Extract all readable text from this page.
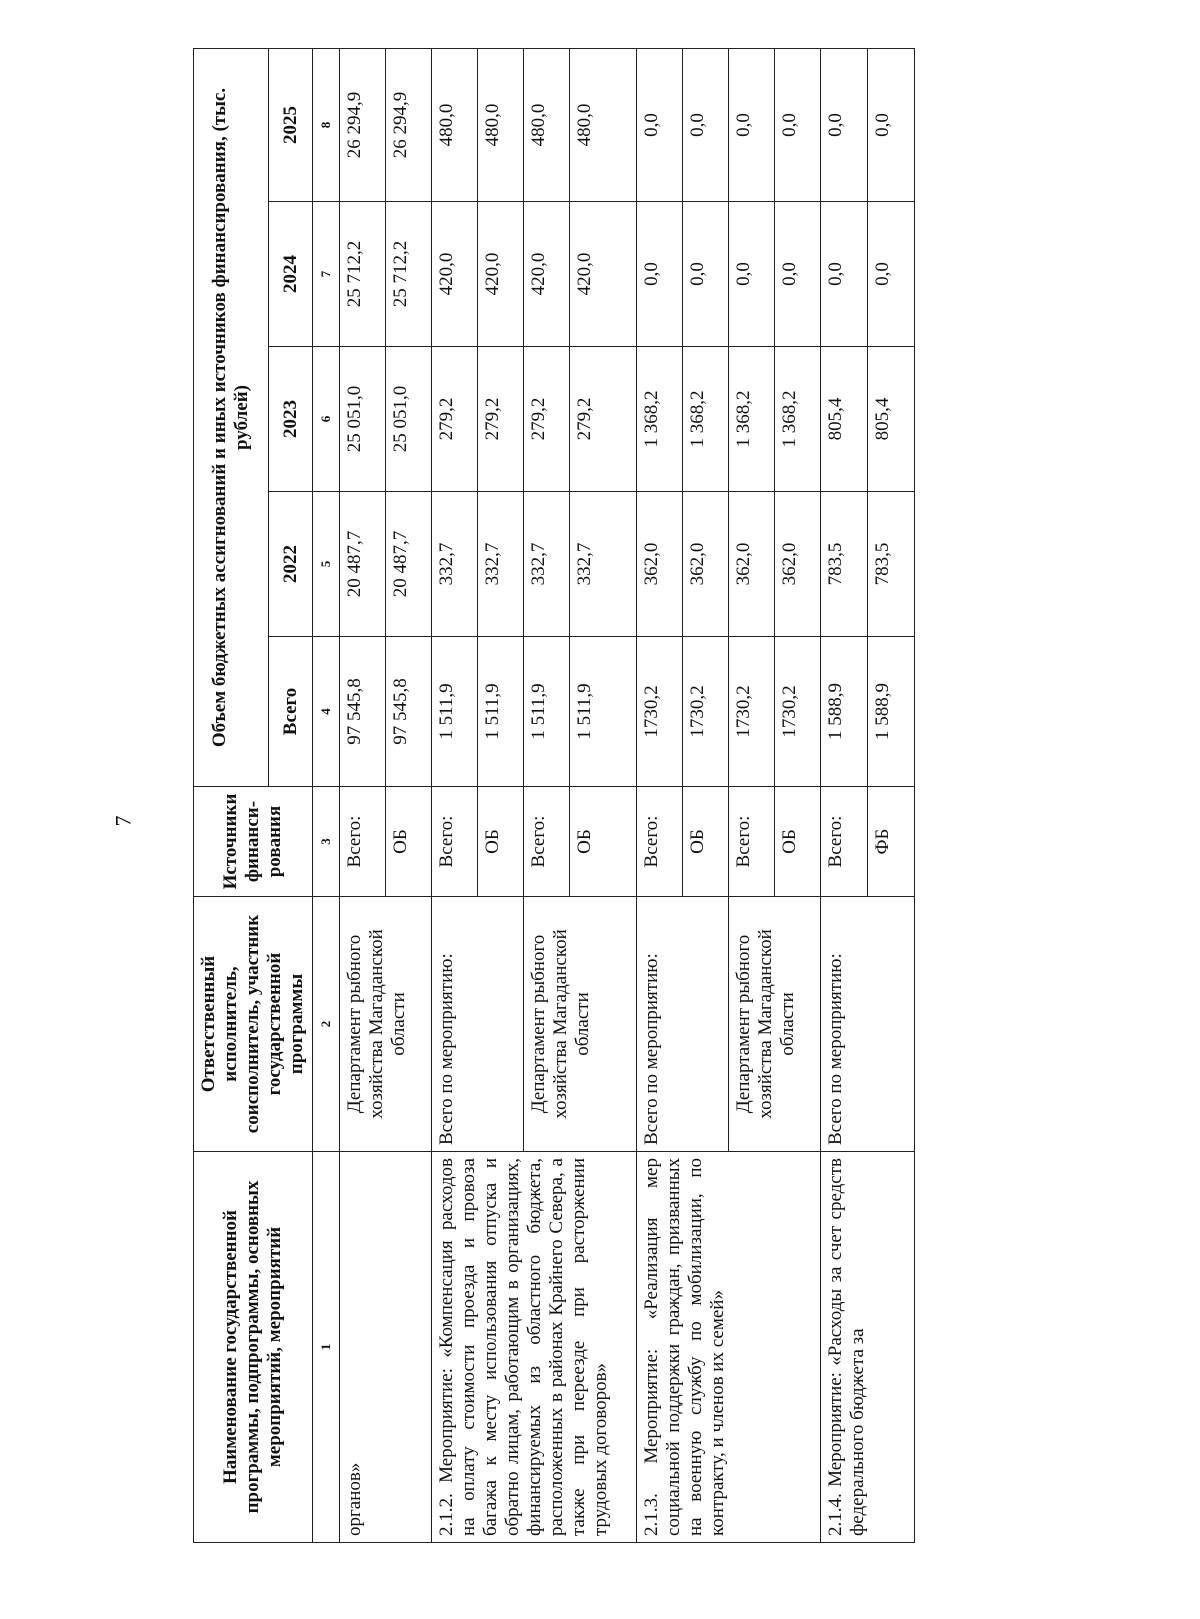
7
Наименование государственной программы, подпрограммы, основных мероприятий, мероприятий	Ответственный исполнитель, соисполнитель, участник государственной программы	Источники финанси-рования	Объем бюджетных ассигнований и иных источников финансирования, (тыс. рублей)				
			Всего	2022	2023	2024	2025
1	2	3	4	5	6	7	8
органов»	Департамент рыбного хозяйства Магаданской области	Всего:	97 545,8	20 487,7	25 051,0	25 712,2	26 294,9
		ОБ	97 545,8	20 487,7	25 051,0	25 712,2	26 294,9
2.1.2. Мероприятие: «Компенсация расходов на оплату стоимости проезда и провоза багажа к месту использования отпуска и обратно лицам, работающим в организациях, финансируемых из областного бюджета, расположенных в районах Крайнего Севера, а также при переезде при расторжении трудовых договоров»	Всего по мероприятию:	Всего:	1 511,9	332,7	279,2	420,0	480,0
		ОБ	1 511,9	332,7	279,2	420,0	480,0
	Департамент рыбного хозяйства Магаданской области	Всего:	1 511,9	332,7	279,2	420,0	480,0
		ОБ	1 511,9	332,7	279,2	420,0	480,0
2.1.3. Мероприятие: «Реализация мер социальной поддержки граждан, призванных на военную службу по мобилизации, по контракту, и членов их семей»	Всего по мероприятию:	Всего:	1730,2	362,0	1 368,2	0,0	0,0
		ОБ	1730,2	362,0	1 368,2	0,0	0,0
	Департамент рыбного хозяйства Магаданской области	Всего:	1730,2	362,0	1 368,2	0,0	0,0
		ОБ	1730,2	362,0	1 368,2	0,0	0,0
2.1.4. Мероприятие: «Расходы за счет средств федерального бюджета за	Всего по мероприятию:	Всего:	1 588,9	783,5	805,4	0,0	0,0
		ФБ	1 588,9	783,5	805,4	0,0	0,0
